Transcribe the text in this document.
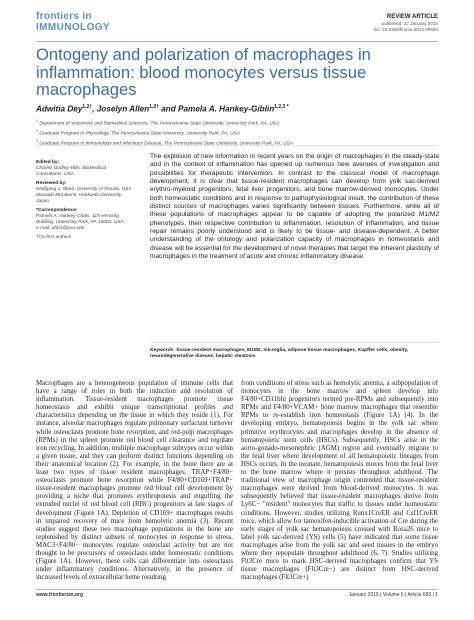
frontiers in
IMMUNOLOGY
REVIEW ARTICLE
published: 22 January 2015
doi: 10.3389/fimmu.2014.00683
Ontogeny and polarization of macrophages in inflammation: blood monocytes versus tissue macrophages
Adwitia Dey$^{1,2\dagger}$, Joselyn Allen$^{1,2\dagger}$ and Pamela A. Hankey-Giblin$^{1,2,3 *}$
$^1$ Department of Veterinary and Biomedical Sciences, The Pennsylvania State University, University Park, PA, USA
$^2$ Graduate Program in Physiology, The Pennsylvania State University, University Park, PA, USA
$^3$
Edited by:
Charles Dudley Mills, BioMedical Consultants, USA
Reviewed by:
Wolfgang J. Streit, University of Florida, USA
Masaaki Murakami, Hokkaido University, Japan
*Correspondence:
Pamela A. Hankey-Giblin, 115 Henning Building, University Park, PA 16802, USA
e-mail: phh1@psu.edu
†Co-first authors

The explosion of new information in recent years on the origin of macrophages in the steady-state and in the context of inflammation has opened up numerous new avenues of investigation and possibilities for therapeutic intervention. In contrast to the classical model of macrophage development, it is clear that tissue-resident macrophages can develop from yolk sac-derived erythro-myeloid progenitors, fetal liver progenitors, and bone marrow-derived monocytes. Under both homeostatic conditions and in response to pathophysiological insult, the contribution of these distinct sources of macrophages varies significantly between tissues. Furthermore, while all of these populations of macrophages appear to be capable of adopting the polarized M1/M2 phenotypes, their respective contribution to inflammation, resolution of inflammation, and tissue repair remains poorly understood and is likely to be tissue- and disease-dependent. A better understanding of the ontology and polarization capacity of macrophages in homeostasis and disease will be essential for the development of novel therapies that target the inherent plasticity of macrophages in the treatment of acute and chronic inflammatory disease.

Keywords: tissue-resident macrophages, M1M2, microglia, adipose tissue macrophages, Kupffer cells, obesity, neurodegenerative disease, hepatic steatosis

Macrophages are a heterogeneous population of immune cells that have a range of roles in both the induction and resolution of inflammation. Tissue-resident macrophages promote tissue homeostasis and exhibit unique transcriptional profiles and characteristics depending on the tissue in which they reside (1). For instance, alveolar macrophages regulate pulmonary surfactant turnover while osteoclasts promote bone resorption, and red-pulp macrophages (RPMs) in the spleen promote red blood cell clearance and regulate iron recycling. In addition, multiple macrophage subtypes occur within a given tissue, and they can perform distinct functions depending on their anatomical location (2). For example, in the bone there are at least two types of tissue resident macrophages. TRAP+F4/80− osteoclasts promote bone resorption while F4/80+CD169+TRAP− tissue-resident macrophages promote red blood cell development by providing a niche that promotes erythropoiesis and engulfing the extruded nuclei of red blood cell (RBC) progenitors at late stages of development (Figure 1A). Depletion of CD169+ macrophages results in impaired recovery of mice from hemolytic anemia (3). Recent studies suggest these two macrophage populations in the bone are replenished by distinct subsets of monocytes in response to stress. MAC3+F4/80− monocytes regulate osteoclast activity but are not thought to be precursors of osteoclasts under homeostatic conditions (Figure 1A). However, these cells can differentiate into osteoclasts under inflammatory conditions. Alternatively, in the presence of increased levels of extracellular heme resulting

from conditions of stress such as hemolytic anemia, a subpopulation of monocytes in the bone marrow and spleen develop into F4/80+CD11bhi progenitors termed pre-RPMs and subsequently into RPMs and F4/80+VCAM+ bone marrow macrophages that resemble RPMs to re-establish iron homeostasis (Figure 1A) (4). In the developing embryo, hematopoiesis begins in the yolk sac where primitive erythrocytes and macrophages develop in the absence of hematopoietic stem cells (HSCs). Subsequently, HSCs arise in the aorto-gonado-mesonephric (AGM) region and eventually migrate to the fetal liver where development of all hematopoietic lineages from HSCs occurs. In the neonate, hematopoiesis moves from the fetal liver to the bone marrow where it persists throughout adulthood. The traditional view of macrophage origin contended that tissue-resident macrophages were derived from blood-derived monocytes. It was subsequently believed that tissue-resident macrophages derive from Ly6C− "resident" monocytes that traffic to tissues under homeostatic conditions. However, studies utilizing Runx1CreER and Csf1CreER mice, which allow for tamoxifen-inducible activation of Cre during the early stages of yolk sac hematopoiesis crossed with Rosa26 mice to label yolk sac-derived (YS) cells (5) have indicated that some tissue macrophages arise from the yolk sac and seed tissues in the embryo where they repopulate throughout adulthood (6, 7). Studies utilizing Flt3Cre mice to mark HSC-derived macrophages confirm that YS tissue macrophages (Flt3Cre−) are distinct from HSC-derived macrophages (Flt3Cre+)

www.frontiersin.org	January 2015 | Volume 5 | Article 683 | 1
